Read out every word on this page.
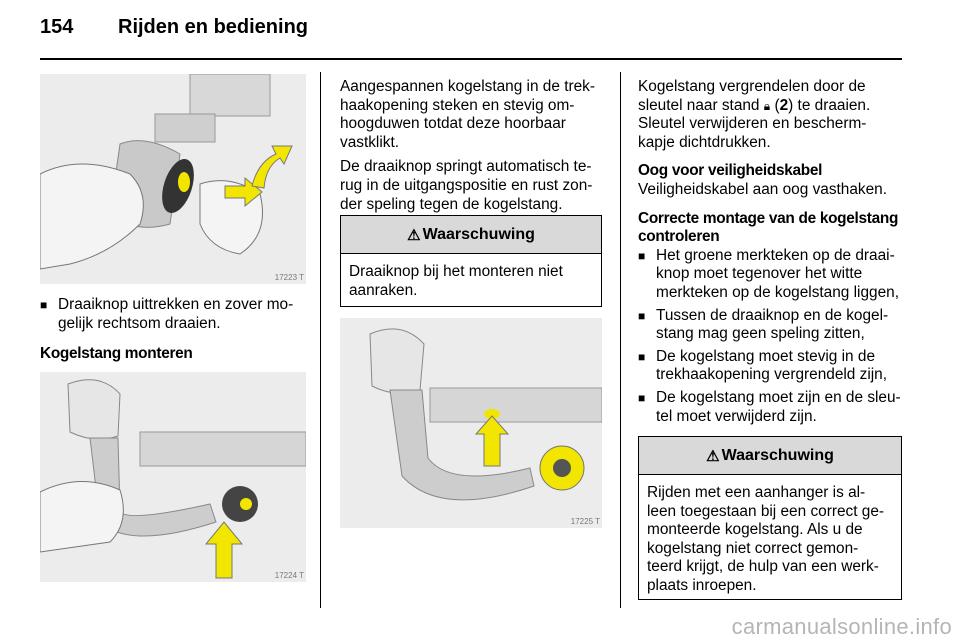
154 Rijden en bediening
17223 T
■ Draaiknop uittrekken en zover mo-gelijk rechtsom draaien.

Kogelstang monteren

17224 T

Aangespannen kogelstang in de trek-haakopening steken en stevig om-hoogduwen totdat deze hoorbaar vastklikt.

De draaiknop springt automatisch te-rug in de uitgangspositie en rust zon-der speling tegen de kogelstang.

⚠ Waarschuwing
Draaiknop bij het monteren niet aanraken.
17225 T

Kogelstang vergrendelen door de sleutel naar stand 🔒︎ (2) te draaien. Sleutel verwijderen en bescherm-kapje dichtdrukken.

Oog voor veiligheidskabel

Veiligheidskabel aan oog vasthaken.

Correcte montage van de kogelstang controleren

■ Het groene merkteken op de draai-knop moet tegenover het witte merkteken op de kogelstang liggen,
■ Tussen de draaiknop en de kogel-stang mag geen speling zitten,
■ De kogelstang moet stevig in de trekhaakopening vergrendeld zijn,
■ De kogelstang moet zijn en de sleu-tel moet verwijderd zijn.
⚠ Waarschuwing
Rijden met een aanhanger is al-leen toegestaan bij een correct ge-monteerde kogelstang. Als u de kogelstang niet correct gemon-teerd krijgt, de hulp van een werk-plaats inroepen.
carmanualsonline.info
